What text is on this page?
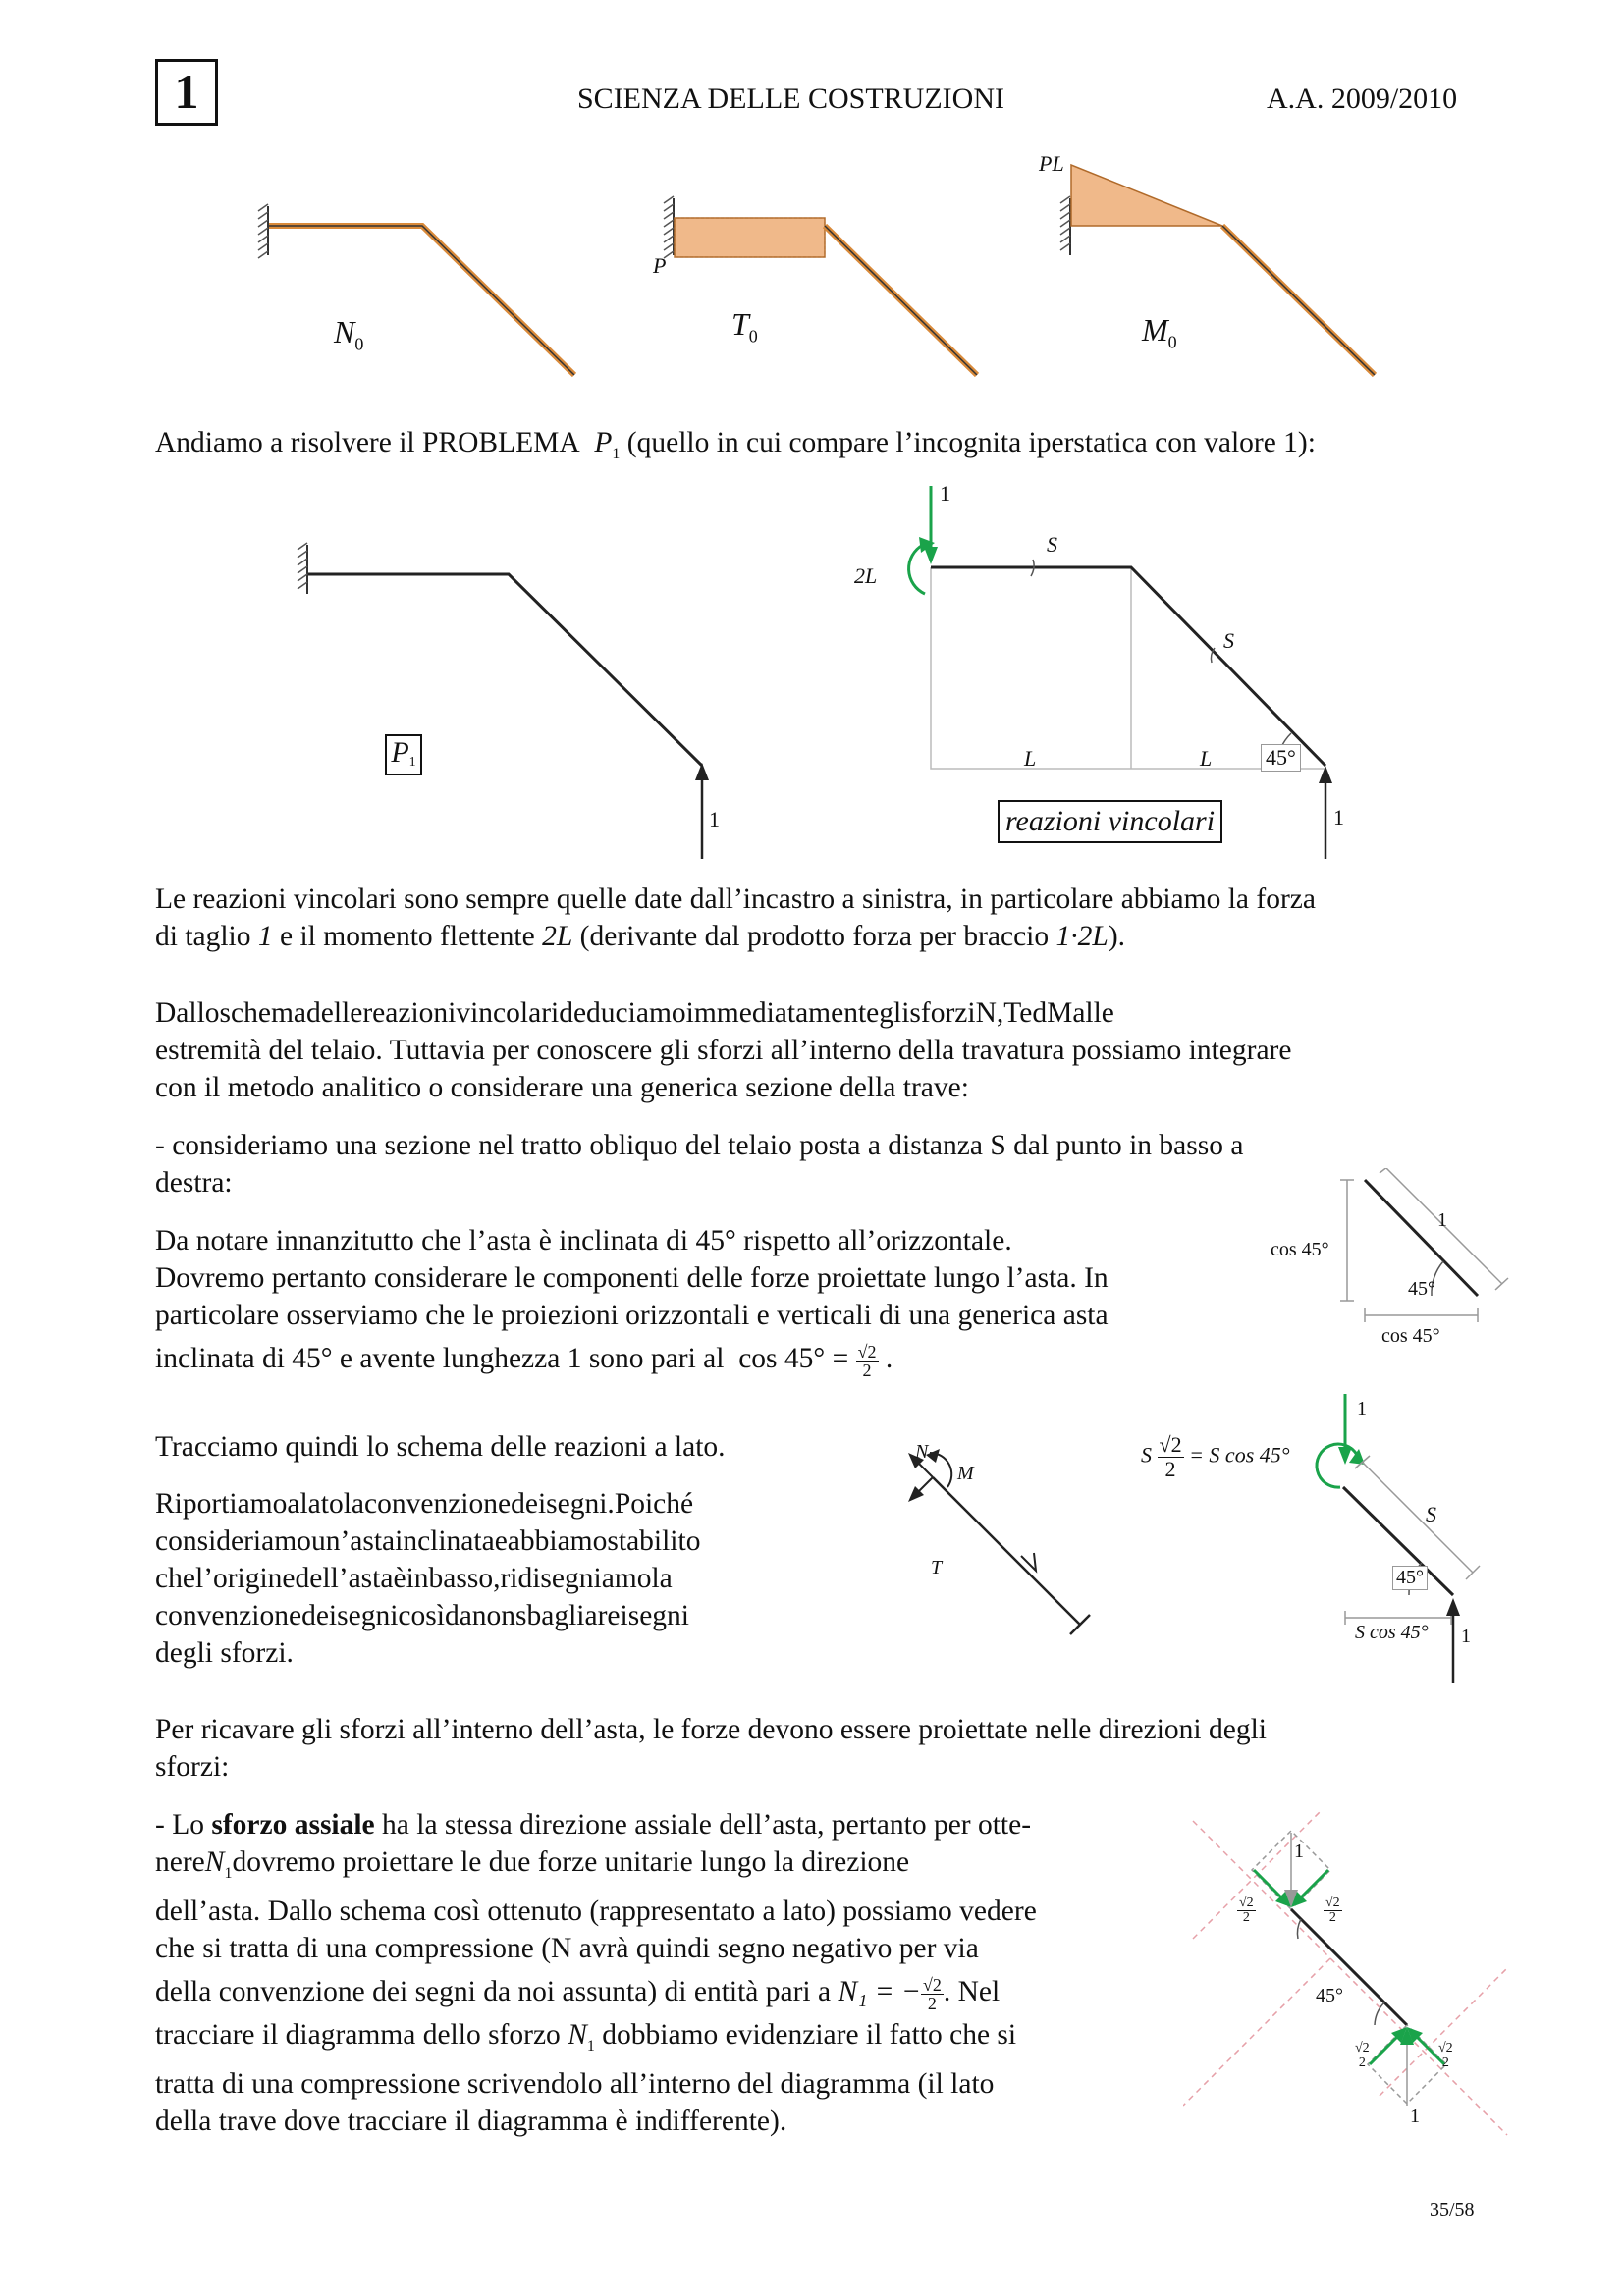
1	SCIENZA DELLE COSTRUZIONI	A.A. 2009/2010
$N_0$
$T_0$	$M_0$
P
PL
Andiamo a risolvere il PROBLEMA $P_1$ (quello in cui compare l’incognita iperstatica con valore 1):
$P_1$
1
1
2L
S
S
L	L 45°
1
reazioni vincolari
Le reazioni vincolari sono sempre quelle date dall’incastro a sinistra, in particolare abbiamo la forza
di taglio 1 e il momento flettente 2L (derivante dal prodotto forza per braccio 1·2L).
DalloschemadellereazionivincolarideduciamoimmediatamenteglisforziN,TedMalle
estremità del telaio. Tuttavia per conoscere gli sforzi all’interno della travatura possiamo integrare
con il metodo analitico o considerare una generica sezione della trave:
- consideriamo una sezione nel tratto obliquo del telaio posta a distanza S dal punto in basso a
destra:
Da notare innanzitutto che l’asta è inclinata di 45° rispetto all’orizzontale.
Dovremo pertanto considerare le componenti delle forze proiettate lungo l’asta. In
particolare osserviamo che le proiezioni orizzontali e verticali di una generica asta
inclinata di 45° e avente lunghezza 1 sono pari al $\cos 45^\circ = \frac{√2}{2}$ .
1
cos 45°
45°
cos 45°
Tracciamo quindi lo schema delle reazioni a lato.
Riportiamoalatolaconvenzionedeisegni.Poiché
consideriamoun’astainclinataeabbiamostabilito
chel’originedell’astaèinbasso,ridisegniamola
convenzionedeisegnicosìdanonsbagliareisegni
degli sforzi.
N
M
T
S $\frac{√2}{2} = S$ cos 45°
1
S
45°
S cos 45° 1
Per ricavare gli sforzi all’interno dell’asta, le forze devono essere proiettate nelle direzioni degli
sforzi:
- Lo sforzo assiale ha la stessa direzione assiale dell’asta, pertanto per otte-
nereN$_1$dovremo proiettare le due forze unitarie lungo la direzione
dell’asta. Dallo schema così ottenuto (rappresentato a lato) possiamo vedere
che si tratta di una compressione (N avrà quindi segno negativo per via
della convenzione dei segni da noi assunta) di entità pari a N₁ = − $\frac{√2}{2}$ . Nel
tracciare il diagramma dello sforzo $N_1$ dobbiamo evidenziare il fatto che si
tratta di una compressione scrivendolo all’interno del diagramma (il lato
della trave dove tracciare il diagramma è indifferente).
1
$\frac{√2}{2}$	$\frac{√2}{2}$
45°
$\frac{√2}{2}$	$\frac{√2}{2}$
1
35/58
